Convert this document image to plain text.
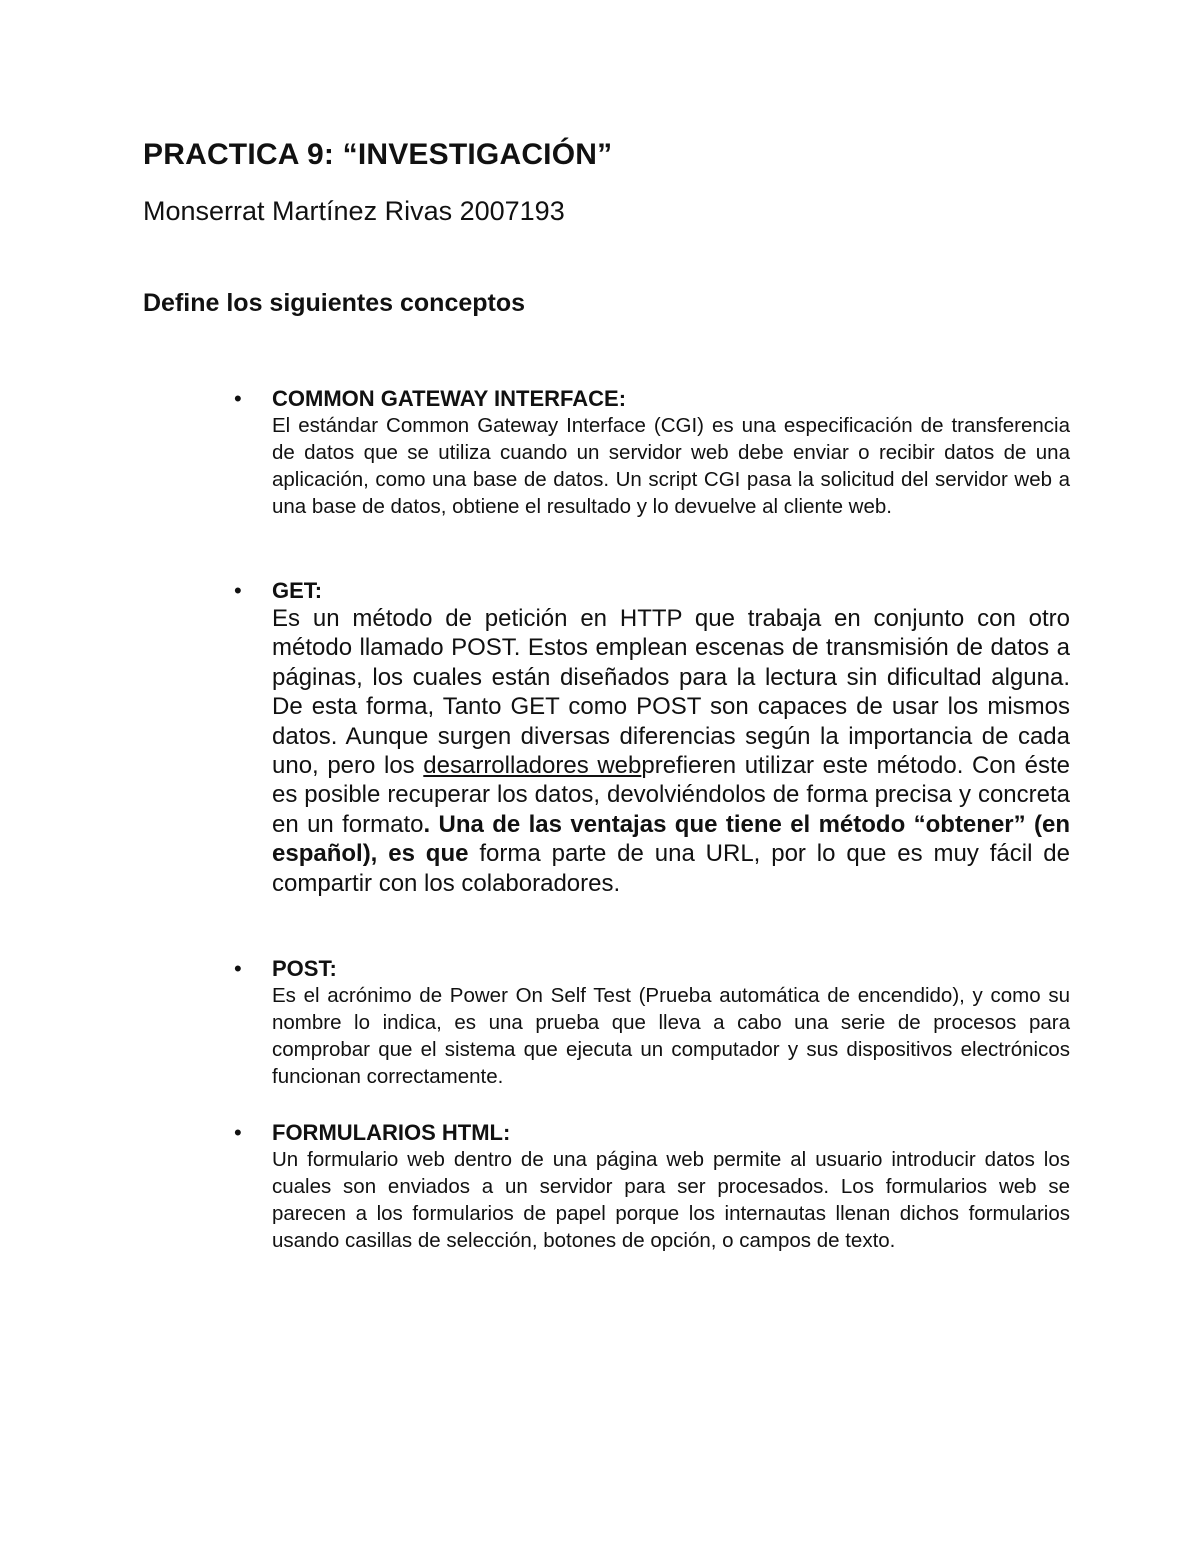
PRACTICA 9: “INVESTIGACIÓN”

Monserrat Martínez Rivas 2007193

Define los siguientes conceptos
• COMMON GATEWAY INTERFACE:

El estándar Common Gateway Interface (CGI) es una especificación de transferencia de datos que se utiliza cuando un servidor web debe enviar o recibir datos de una aplicación, como una base de datos. Un script CGI pasa la solicitud del servidor web a una base de datos, obtiene el resultado y lo devuelve al cliente web.

• GET:

Es un método de petición en HTTP que trabaja en conjunto con otro método llamado POST. Estos emplean escenas de transmisión de datos a páginas, los cuales están diseñados para la lectura sin dificultad alguna. De esta forma, Tanto GET como POST son capaces de usar los mismos datos. Aunque surgen diversas diferencias según la importancia de cada uno, pero los desarrolladores webprefieren utilizar este método. Con éste es posible recuperar los datos, devolviéndolos de forma precisa y concreta en un formato. Una de las ventajas que tiene el método “obtener” (en español), es que forma parte de una URL, por lo que es muy fácil de compartir con los colaboradores.

• POST:

Es el acrónimo de Power On Self Test (Prueba automática de encendido), y como su nombre lo indica, es una prueba que lleva a cabo una serie de procesos para comprobar que el sistema que ejecuta un computador y sus dispositivos electrónicos funcionan correctamente.

• FORMULARIOS HTML:

Un formulario web dentro de una página web permite al usuario introducir datos los cuales son enviados a un servidor para ser procesados. Los formularios web se parecen a los formularios de papel porque los internautas llenan dichos formularios usando casillas de selección, botones de opción, o campos de texto.
